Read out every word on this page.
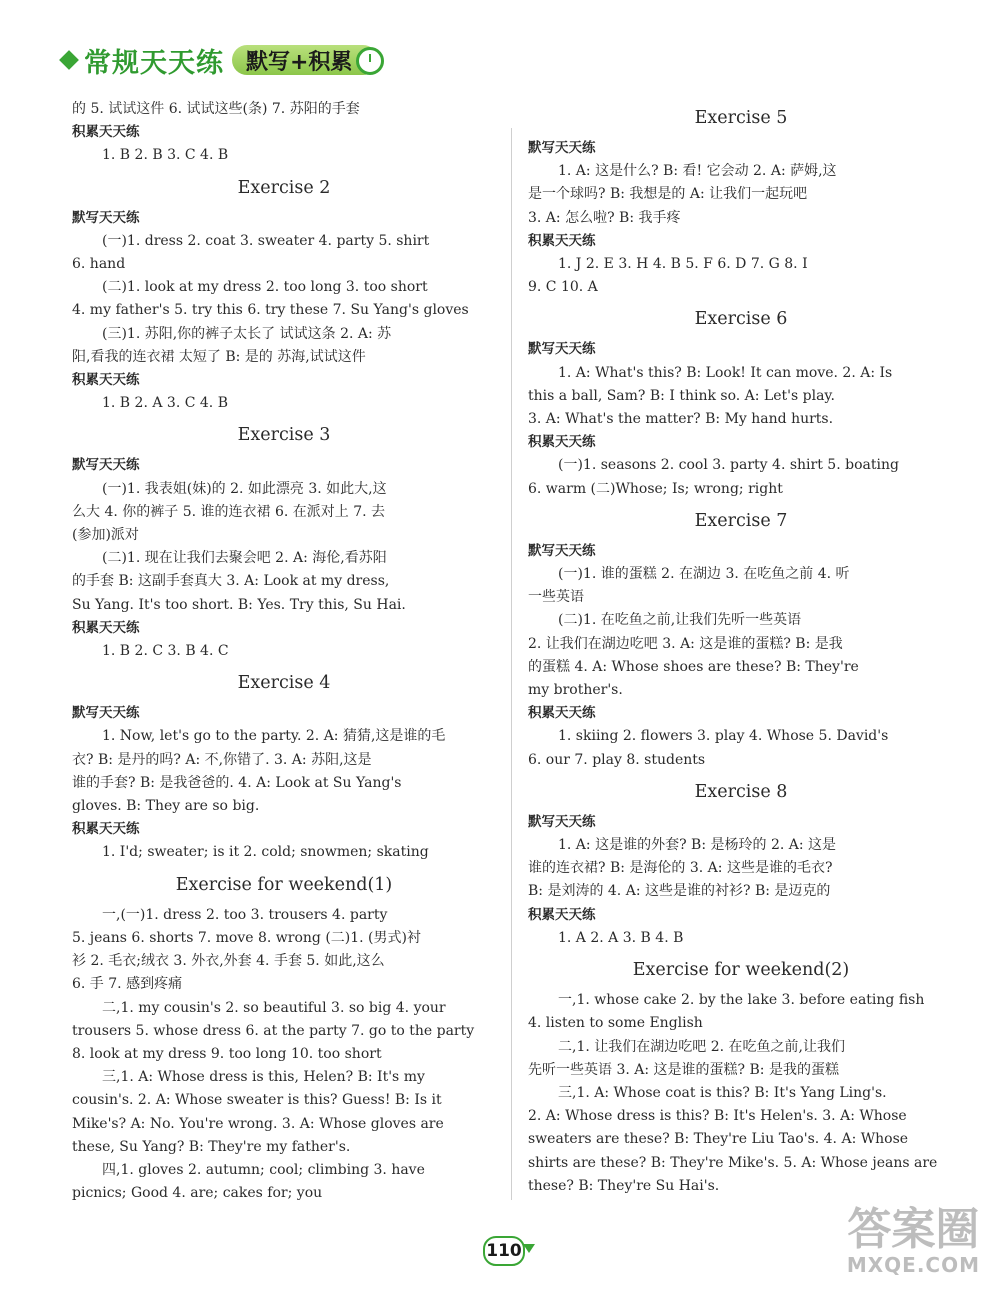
常规天天练 默写+积累
的 5. 试试这件 6. 试试这些(条) 7. 苏阳的手套
积累天天练
1. B 2. B 3. C 4. B
Exercise 2
默写天天练
(一)1. dress 2. coat 3. sweater 4. party 5. shirt
6. hand
(二)1. look at my dress 2. too long 3. too short
4. my father's 5. try this 6. try these 7. Su Yang's gloves
(三)1. 苏阳,你的裤子太长了 试试这条 2. A: 苏
阳,看我的连衣裙 太短了 B: 是的 苏海,试试这件
积累天天练
1. B 2. A 3. C 4. B
Exercise 3
默写天天练
(一)1. 我表姐(妹)的 2. 如此漂亮 3. 如此大,这
么大 4. 你的裤子 5. 谁的连衣裙 6. 在派对上 7. 去
(参加)派对
(二)1. 现在让我们去聚会吧 2. A: 海伦,看苏阳
的手套 B: 这副手套真大 3. A: Look at my dress,
Su Yang. It's too short. B: Yes. Try this, Su Hai.
积累天天练
1. B 2. C 3. B 4. C
Exercise 4
默写天天练
1. Now, let's go to the party. 2. A: 猜猜,这是谁的毛
衣? B: 是丹的吗? A: 不,你错了. 3. A: 苏阳,这是
谁的手套? B: 是我爸爸的. 4. A: Look at Su Yang's
gloves. B: They are so big.
积累天天练
1. I'd; sweater; is it 2. cold; snowmen; skating
Exercise for weekend(1)
一,(一)1. dress 2. too 3. trousers 4. party
5. jeans 6. shorts 7. move 8. wrong (二)1. (男式)衬
衫 2. 毛衣;绒衣 3. 外衣,外套 4. 手套 5. 如此,这么
6. 手 7. 感到疼痛
二,1. my cousin's 2. so beautiful 3. so big 4. your
trousers 5. whose dress 6. at the party 7. go to the party
8. look at my dress 9. too long 10. too short
三,1. A: Whose dress is this, Helen? B: It's my
cousin's. 2. A: Whose sweater is this? Guess! B: Is it
Mike's? A: No. You're wrong. 3. A: Whose gloves are
these, Su Yang? B: They're my father's.
四,1. gloves 2. autumn; cool; climbing 3. have
picnics; Good 4. are; cakes for; you
Exercise 5
默写天天练
1. A: 这是什么? B: 看! 它会动 2. A: 萨姆,这
是一个球吗? B: 我想是的 A: 让我们一起玩吧
3. A: 怎么啦? B: 我手疼
积累天天练
1. J 2. E 3. H 4. B 5. F 6. D 7. G 8. I
9. C 10. A
Exercise 6
默写天天练
1. A: What's this? B: Look! It can move. 2. A: Is
this a ball, Sam? B: I think so. A: Let's play.
3. A: What's the matter? B: My hand hurts.
积累天天练
(一)1. seasons 2. cool 3. party 4. shirt 5. boating
6. warm (二)Whose; Is; wrong; right
Exercise 7
默写天天练
(一)1. 谁的蛋糕 2. 在湖边 3. 在吃鱼之前 4. 听
一些英语
(二)1. 在吃鱼之前,让我们先听一些英语
2. 让我们在湖边吃吧 3. A: 这是谁的蛋糕? B: 是我
的蛋糕 4. A: Whose shoes are these? B: They're
my brother's.
积累天天练
1. skiing 2. flowers 3. play 4. Whose 5. David's
6. our 7. play 8. students
Exercise 8
默写天天练
1. A: 这是谁的外套? B: 是杨玲的 2. A: 这是
谁的连衣裙? B: 是海伦的 3. A: 这些是谁的毛衣?
B: 是刘涛的 4. A: 这些是谁的衬衫? B: 是迈克的
积累天天练
1. A 2. A 3. B 4. B
Exercise for weekend(2)
一,1. whose cake 2. by the lake 3. before eating fish
4. listen to some English
二,1. 让我们在湖边吃吧 2. 在吃鱼之前,让我们
先听一些英语 3. A: 这是谁的蛋糕? B: 是我的蛋糕
三,1. A: Whose coat is this? B: It's Yang Ling's.
2. A: Whose dress is this? B: It's Helen's. 3. A: Whose
sweaters are these? B: They're Liu Tao's. 4. A: Whose
shirts are these? B: They're Mike's. 5. A: Whose jeans are
these? B: They're Su Hai's.
110	答案圈
MXQE.COM
